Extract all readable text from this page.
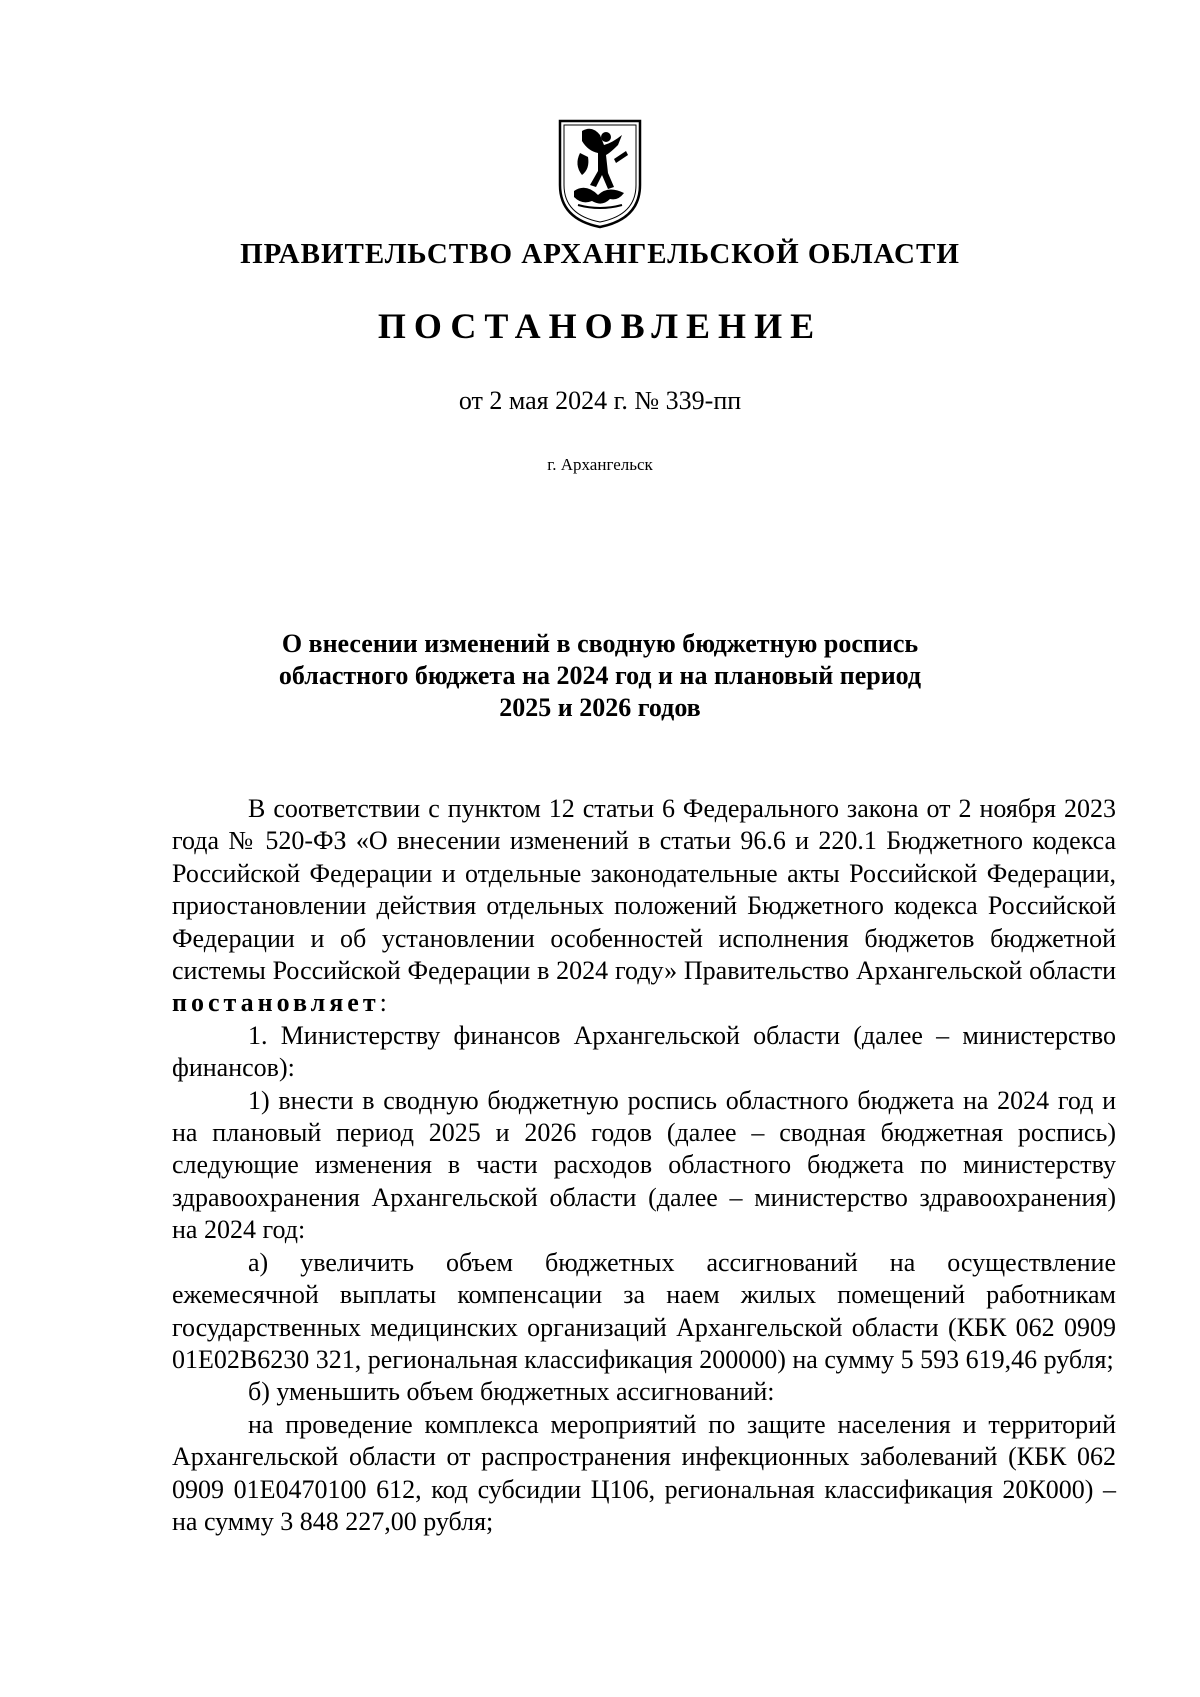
ПРАВИТЕЛЬСТВО АРХАНГЕЛЬСКОЙ ОБЛАСТИ
ПОСТАНОВЛЕНИЕ
от 2 мая 2024 г. № 339-пп
г. Архангельск
О внесении изменений в сводную бюджетную роспись
областного бюджета на 2024 год и на плановый период
2025 и 2026 годов

В соответствии с пунктом 12 статьи 6 Федерального закона от 2 ноября 2023 года № 520-ФЗ «О внесении изменений в статьи 96.6 и 220.1 Бюджетного кодекса Российской Федерации и отдельные законодательные акты Российской Федерации, приостановлении действия отдельных положений Бюджетного кодекса Российской Федерации и об установлении особенностей исполнения бюджетов бюджетной системы Российской Федерации в 2024 году» Правительство Архангельской области постановляет:

1. Министерству финансов Архангельской области (далее – министерство финансов):

1) внести в сводную бюджетную роспись областного бюджета на 2024 год и на плановый период 2025 и 2026 годов (далее – сводная бюджетная роспись) следующие изменения в части расходов областного бюджета по министерству здравоохранения Архангельской области (далее – министерство здравоохранения) на 2024 год:

а) увеличить объем бюджетных ассигнований на осуществление ежемесячной выплаты компенсации за наем жилых помещений работникам государственных медицинских организаций Архангельской области (КБК 062 0909 01Е02В6230 321, региональная классификация 200000) на сумму 5 593 619,46 рубля;

б) уменьшить объем бюджетных ассигнований:

на проведение комплекса мероприятий по защите населения и территорий Архангельской области от распространения инфекционных заболеваний (КБК 062 0909 01Е0470100 612, код субсидии Ц106, региональная классификация 20К000) – на сумму 3 848 227,00 рубля;
